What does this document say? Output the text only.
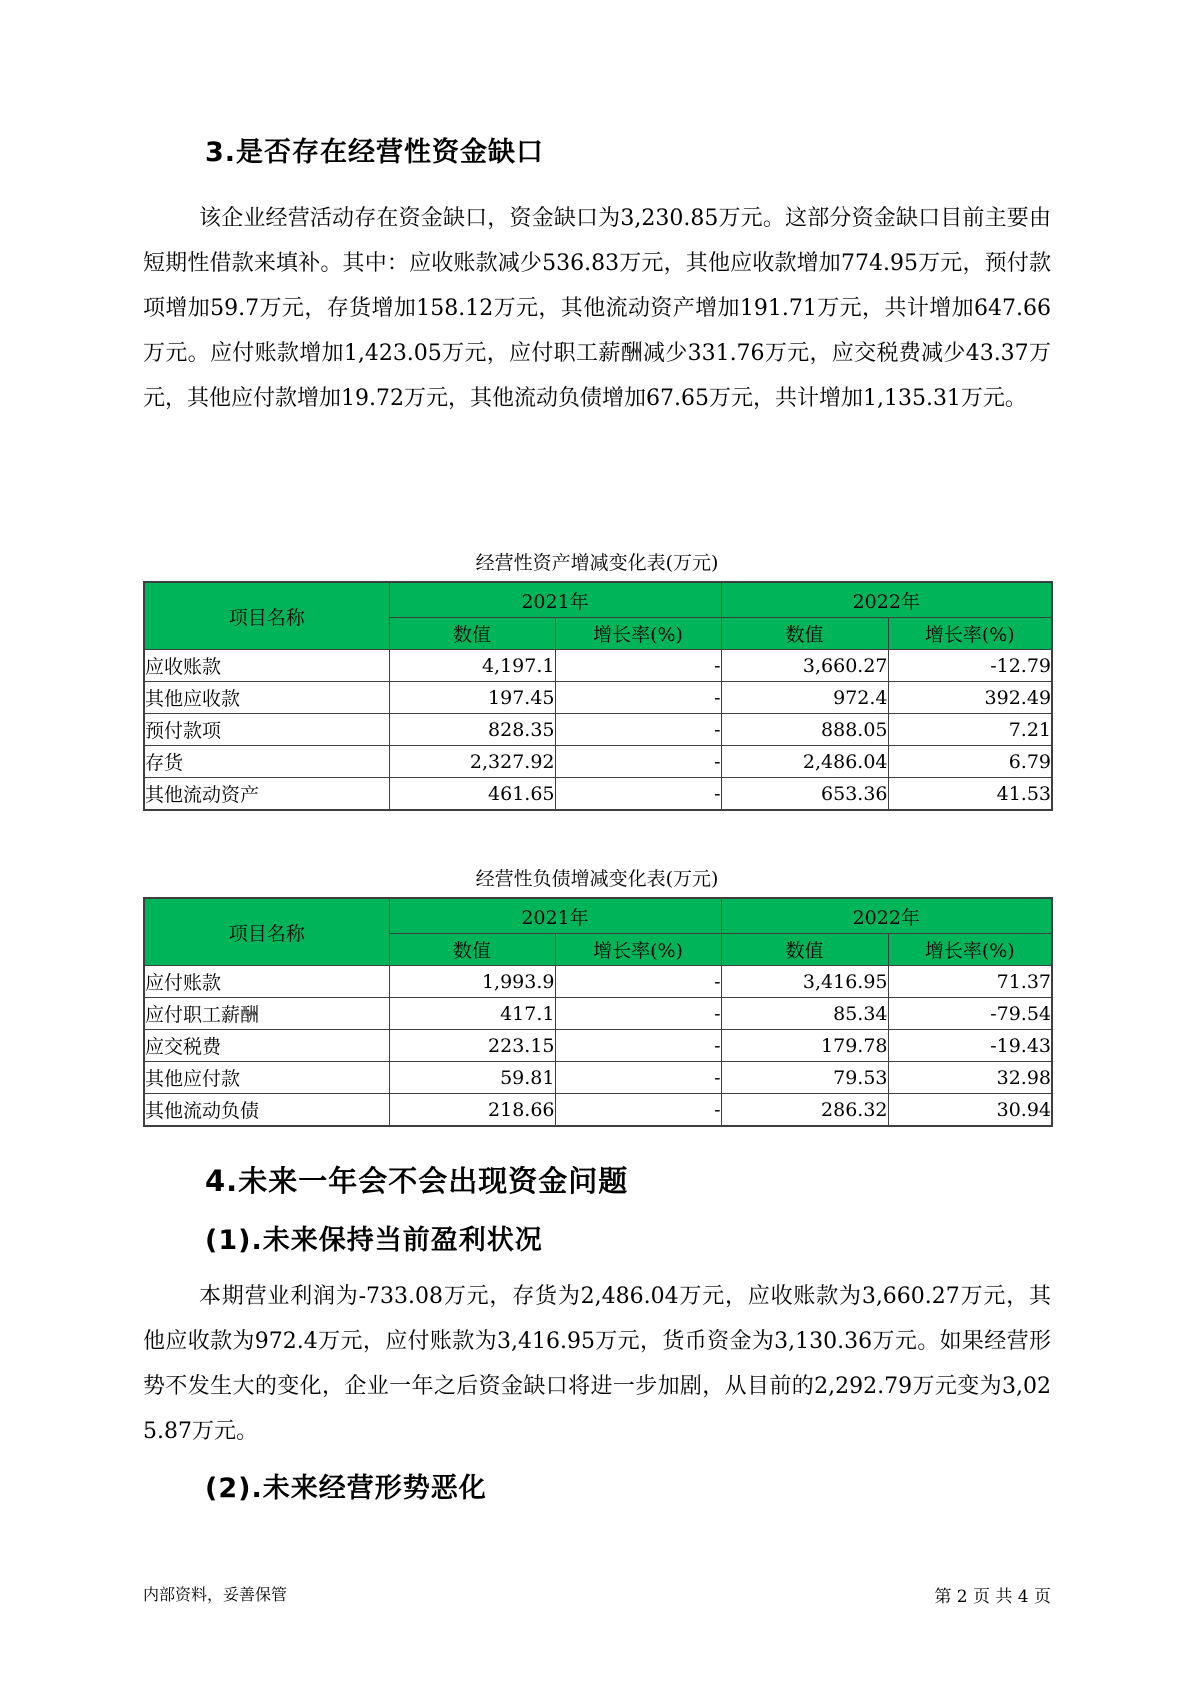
3.是否存在经营性资金缺口

该企业经营活动存在资金缺口，资金缺口为3,230.85万元。这部分资金缺口目前主要由短期性借款来填补。其中：应收账款减少536.83万元，其他应收款增加774.95万元，预付款项增加59.7万元，存货增加158.12万元，其他流动资产增加191.71万元，共计增加647.66万元。应付账款增加1,423.05万元，应付职工薪酬减少331.76万元，应交税费减少43.37万元，其他应付款增加19.72万元，其他流动负债增加67.65万元，共计增加1,135.31万元。

经营性资产增减变化表(万元)
项目名称	2021年		2022年	
	数值	增长率(%)	数值	增长率(%)
应收账款	4,197.1	-	3,660.27	-12.79
其他应收款	197.45	-	972.4	392.49
预付款项	828.35	-	888.05	7.21
存货	2,327.92	-	2,486.04	6.79
其他流动资产	461.65	-	653.36	41.53
经营性负债增减变化表(万元)
项目名称	2021年		2022年	
	数值	增长率(%)	数值	增长率(%)
应付账款	1,993.9	-	3,416.95	71.37
应付职工薪酬	417.1	-	85.34	-79.54
应交税费	223.15	-	179.78	-19.43
其他应付款	59.81	-	79.53	32.98
其他流动负债	218.66	-	286.32	30.94
4.未来一年会不会出现资金问题
(1).未来保持当前盈利状况

本期营业利润为-733.08万元，存货为2,486.04万元，应收账款为3,660.27万元，其他应收款为972.4万元，应付账款为3,416.95万元，货币资金为3,130.36万元。如果经营形势不发生大的变化，企业一年之后资金缺口将进一步加剧，从目前的2,292.79万元变为3,025.87万元。

(2).未来经营形势恶化
内部资料，妥善保管	第 2 页 共 4 页
